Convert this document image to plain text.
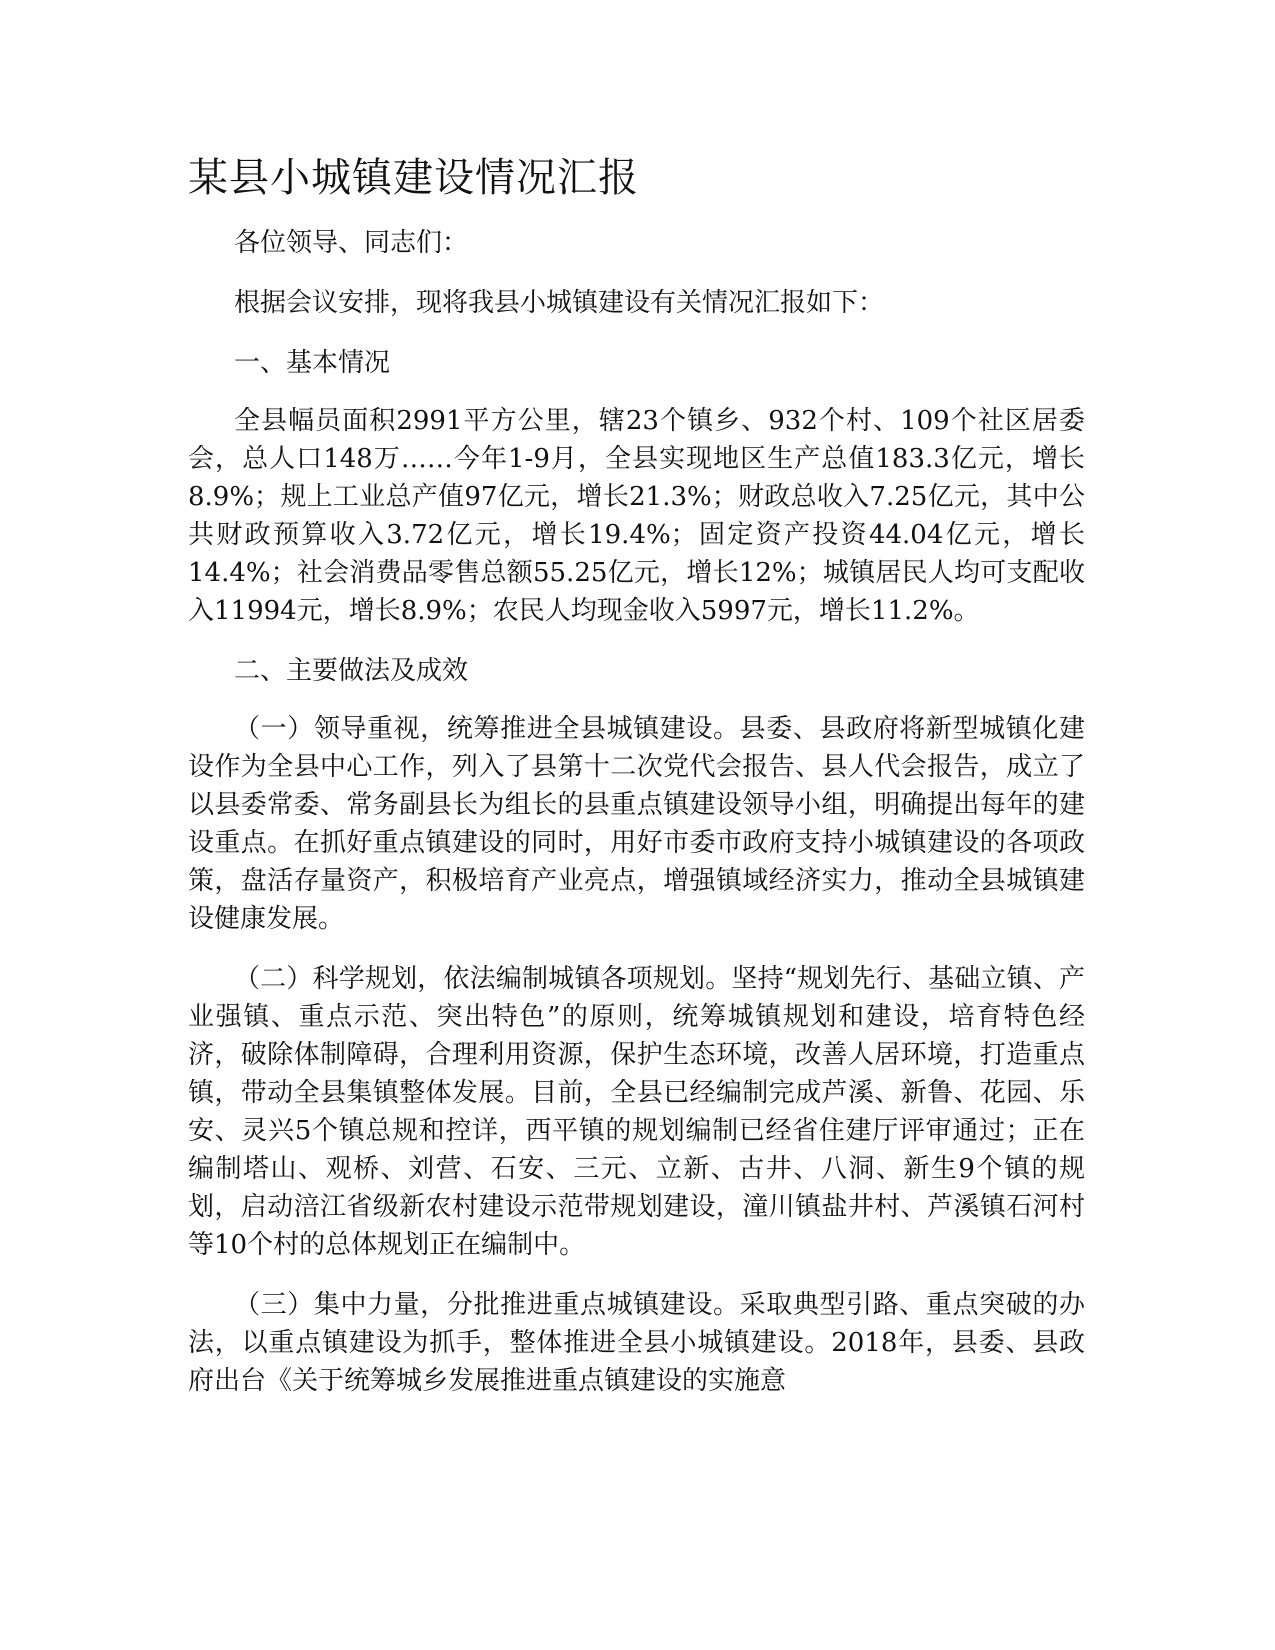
某县小城镇建设情况汇报

各位领导、同志们：

根据会议安排，现将我县小城镇建设有关情况汇报如下：

一、基本情况

全县幅员面积2991平方公里，辖23个镇乡、932个村、109个社区居委会，总人口148万……今年1-9月，全县实现地区生产总值183.3亿元，增长8.9%；规上工业总产值97亿元，增长21.3%；财政总收入7.25亿元，其中公共财政预算收入3.72亿元，增长19.4%；固定资产投资44.04亿元，增长14.4%；社会消费品零售总额55.25亿元，增长12%；城镇居民人均可支配收入11994元，增长8.9%；农民人均现金收入5997元，增长11.2%。

二、主要做法及成效

（一）领导重视，统筹推进全县城镇建设。县委、县政府将新型城镇化建设作为全县中心工作，列入了县第十二次党代会报告、县人代会报告，成立了以县委常委、常务副县长为组长的县重点镇建设领导小组，明确提出每年的建设重点。在抓好重点镇建设的同时，用好市委市政府支持小城镇建设的各项政策，盘活存量资产，积极培育产业亮点，增强镇域经济实力，推动全县城镇建设健康发展。

（二）科学规划，依法编制城镇各项规划。坚持“规划先行、基础立镇、产业强镇、重点示范、突出特色”的原则，统筹城镇规划和建设，培育特色经济，破除体制障碍，合理利用资源，保护生态环境，改善人居环境，打造重点镇，带动全县集镇整体发展。目前，全县已经编制完成芦溪、新鲁、花园、乐安、灵兴5个镇总规和控详，西平镇的规划编制已经省住建厅评审通过；正在编制塔山、观桥、刘营、石安、三元、立新、古井、八洞、新生9个镇的规划，启动涪江省级新农村建设示范带规划建设，潼川镇盐井村、芦溪镇石河村等10个村的总体规划正在编制中。

（三）集中力量，分批推进重点城镇建设。采取典型引路、重点突破的办法，以重点镇建设为抓手，整体推进全县小城镇建设。2018年，县委、县政府出台《关于统筹城乡发展推进重点镇建设的实施意
